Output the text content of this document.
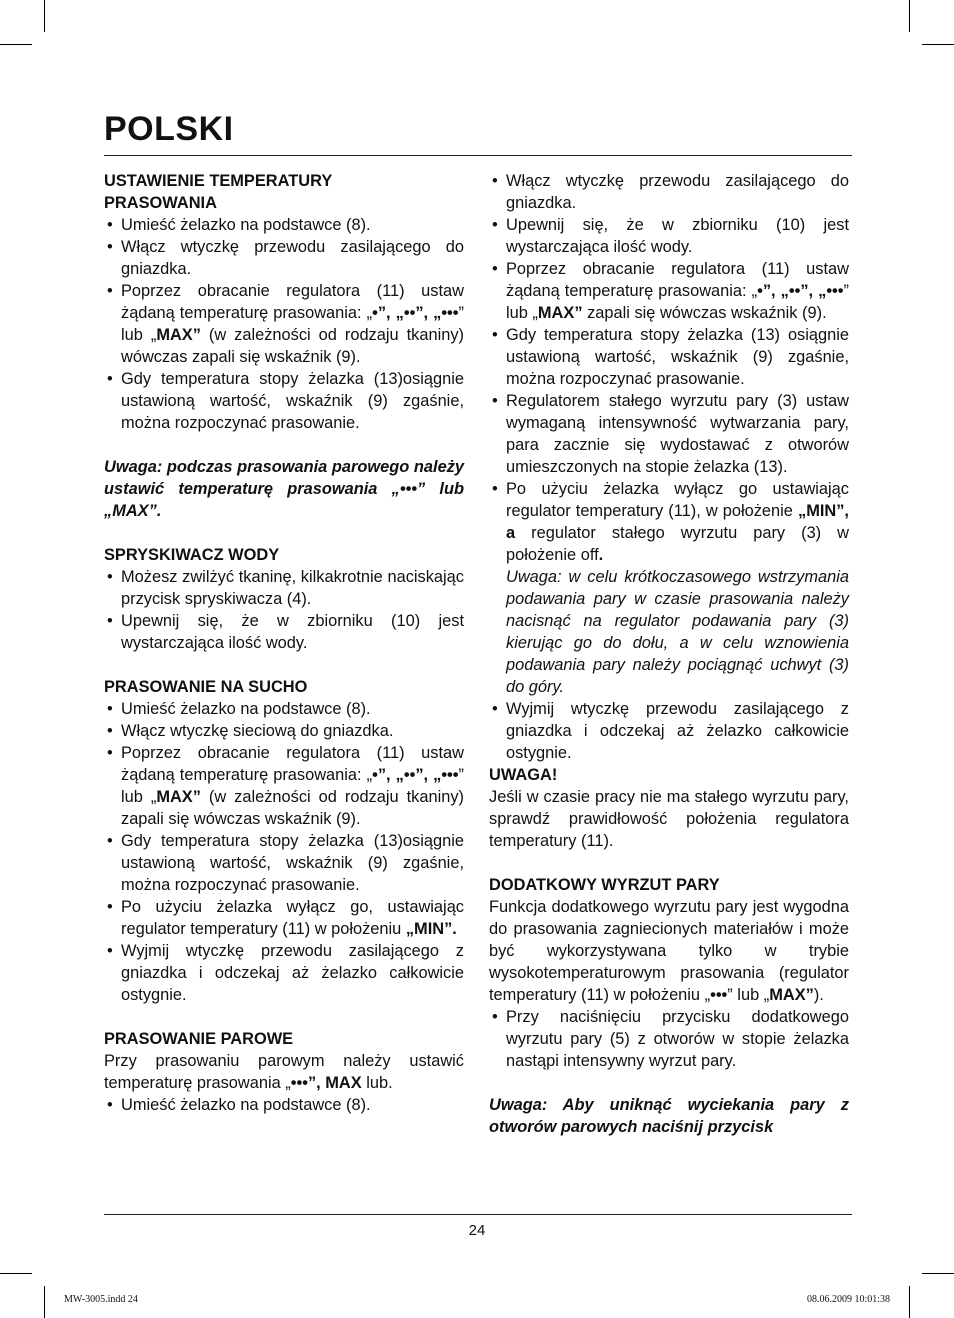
POLSKI
USTAWIENIE TEMPERATURY
PRASOWANIA
• Umieść żelazko na podstawce (8).
• Włącz wtyczkę przewodu zasilającego do gniazdka.
• Poprzez obracanie regulatora (11) ustaw żądaną temperaturę prasowania: „•”, „••”, „•••” lub „MAX” (w zależności od rodzaju tkaniny) wówczas zapali się wskaźnik (9).
• Gdy temperatura stopy żelazka (13)osiągnie ustawioną wartość, wskaźnik (9) zgaśnie, można rozpoczynać prasowanie.

Uwaga: podczas prasowania parowego należy ustawić temperaturę prasowania „•••” lub „MAX”.

SPRYSKIWACZ WODY
• Możesz zwilżyć tkaninę, kilkakrotnie naciskając przycisk spryskiwacza (4).
• Upewnij się, że w zbiorniku (10) jest wystarczająca ilość wody.
PRASOWANIE NA SUCHO
• Umieść żelazko na podstawce (8).
• Włącz wtyczkę sieciową do gniazdka.
• Poprzez obracanie regulatora (11) ustaw żądaną temperaturę prasowania: „•”, „••”, „•••” lub „MAX” (w zależności od rodzaju tkaniny) zapali się wówczas wskaźnik (9).
• Gdy temperatura stopy żelazka (13)osiągnie ustawioną wartość, wskaźnik (9) zgaśnie, można rozpoczynać prasowanie.
• Po użyciu żelazka wyłącz go, ustawiając regulator temperatury (11) w położeniu „MIN”.
• Wyjmij wtyczkę przewodu zasilającego z gniazdka i odczekaj aż żelazko całkowicie ostygnie.
PRASOWANIE PAROWE

Przy prasowaniu parowym należy ustawić temperaturę prasowania „•••”, MAX lub.

• Umieść żelazko na podstawce (8).
• Włącz wtyczkę przewodu zasilającego do gniazdka.
• Upewnij się, że w zbiorniku (10) jest wystarczająca ilość wody.
• Poprzez obracanie regulatora (11) ustaw żądaną temperaturę prasowania: „•”, „••”, „•••” lub „MAX” zapali się wówczas wskaźnik (9).
• Gdy temperatura stopy żelazka (13) osiągnie ustawioną wartość, wskaźnik (9) zgaśnie, można rozpoczynać prasowanie.
• Regulatorem stałego wyrzutu pary (3) ustaw wymaganą intensywność wytwarzania pary, para zacznie się wydostawać z otworów umieszczonych na stopie żelazka (13).
• Po użyciu żelazka wyłącz go ustawiając regulator temperatury (11), w położenie „MIN”, a regulator stałego wyrzutu pary (3) w położenie off.
Uwaga: w celu krótkoczasowego wstrzymania podawania pary w czasie prasowania należy nacisnąć na regulator podawania pary (3) kierując go do dołu, a w celu wznowienia podawania pary należy pociągnąć uchwyt (3) do góry.
• Wyjmij wtyczkę przewodu zasilającego z gniazdka i odczekaj aż żelazko całkowicie ostygnie.
UWAGA!

Jeśli w czasie pracy nie ma stałego wyrzutu pary, sprawdź prawidłowość położenia regulatora temperatury (11).

DODATKOWY WYRZUT PARY

Funkcja dodatkowego wyrzutu pary jest wygodna do prasowania zagniecionych materiałów i może być wykorzystywana tylko w trybie wysokotemperaturowym prasowania (regulator temperatury (11) w położeniu „•••” lub „MAX”).

• Przy naciśnięciu przycisku dodatkowego wyrzutu pary (5) z otworów w stopie żelazka nastąpi intensywny wyrzut pary.

Uwaga: Aby uniknąć wyciekania pary z otworów parowych naciśnij przycisk

24
MW-3005.indd 24	08.06.2009 10:01:38
